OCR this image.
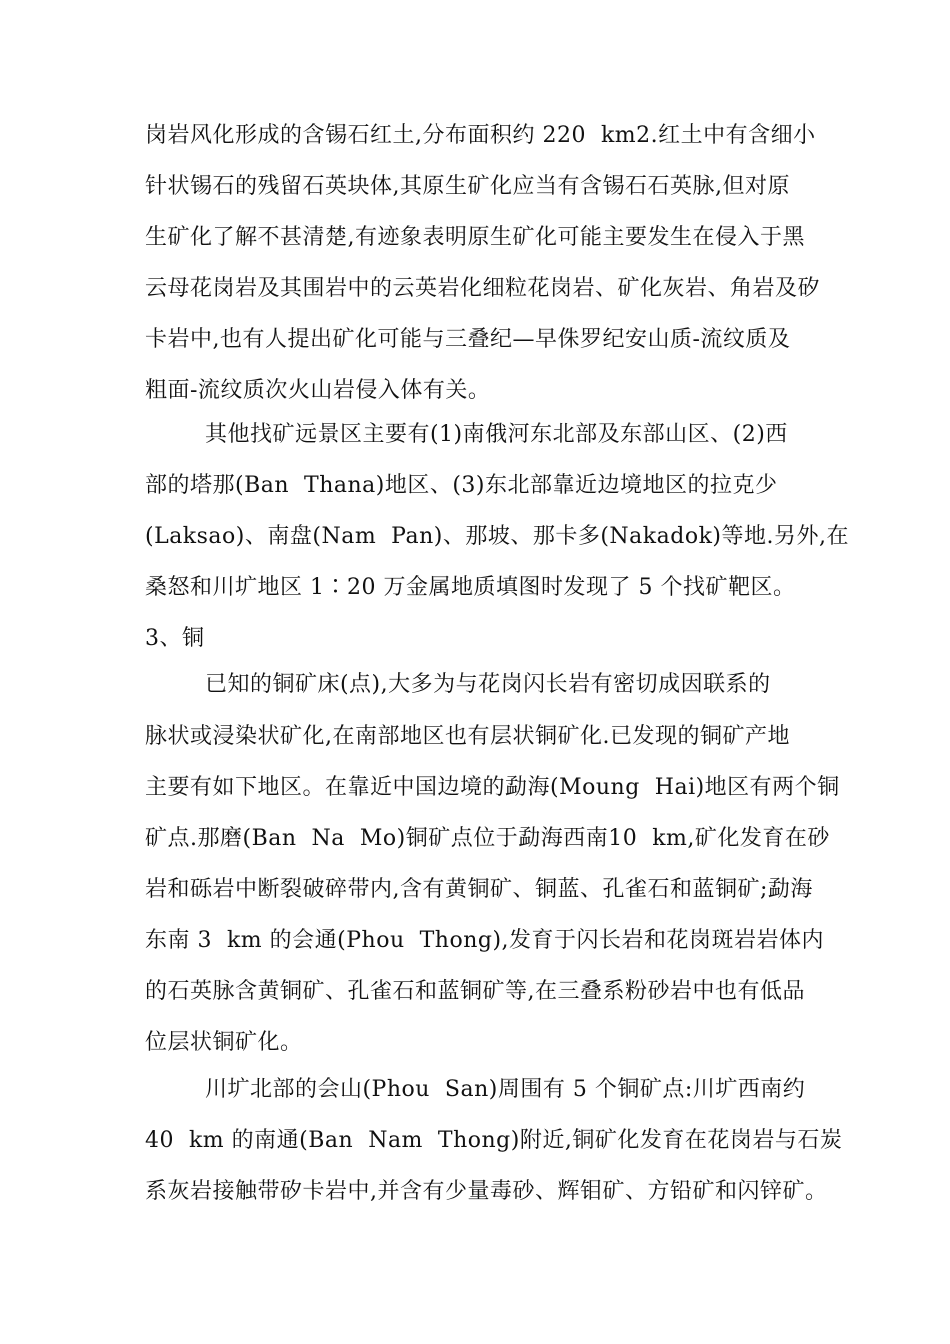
岗岩风化形成的含锡石红土,分布面积约 220  km2.红土中有含细小
针状锡石的残留石英块体,其原生矿化应当有含锡石石英脉,但对原
生矿化了解不甚清楚,有迹象表明原生矿化可能主要发生在侵入于黑
云母花岗岩及其围岩中的云英岩化细粒花岗岩、矿化灰岩、角岩及矽
卡岩中,也有人提出矿化可能与三叠纪—早侏罗纪安山质-流纹质及
粗面-流纹质次火山岩侵入体有关。
其他找矿远景区主要有(1)南俄河东北部及东部山区、(2)西
部的塔那(Ban  Thana)地区、(3)东北部靠近边境地区的拉克少
(Laksao)、南盘(Nam  Pan)、那坡、那卡多(Nakadok)等地.另外,在
桑怒和川圹地区 1∶20 万金属地质填图时发现了 5 个找矿靶区。
3、铜
已知的铜矿床(点),大多为与花岗闪长岩有密切成因联系的
脉状或浸染状矿化,在南部地区也有层状铜矿化.已发现的铜矿产地
主要有如下地区。在靠近中国边境的勐海(Moung  Hai)地区有两个铜
矿点.那磨(Ban  Na  Mo)铜矿点位于勐海西南10  km,矿化发育在砂
岩和砾岩中断裂破碎带内,含有黄铜矿、铜蓝、孔雀石和蓝铜矿;勐海
东南 3  km 的会通(Phou  Thong),发育于闪长岩和花岗斑岩岩体内
的石英脉含黄铜矿、孔雀石和蓝铜矿等,在三叠系粉砂岩中也有低品
位层状铜矿化。
川圹北部的会山(Phou  San)周围有 5 个铜矿点:川圹西南约
40  km 的南通(Ban  Nam  Thong)附近,铜矿化发育在花岗岩与石炭
系灰岩接触带矽卡岩中,并含有少量毒砂、辉钼矿、方铅矿和闪锌矿。
